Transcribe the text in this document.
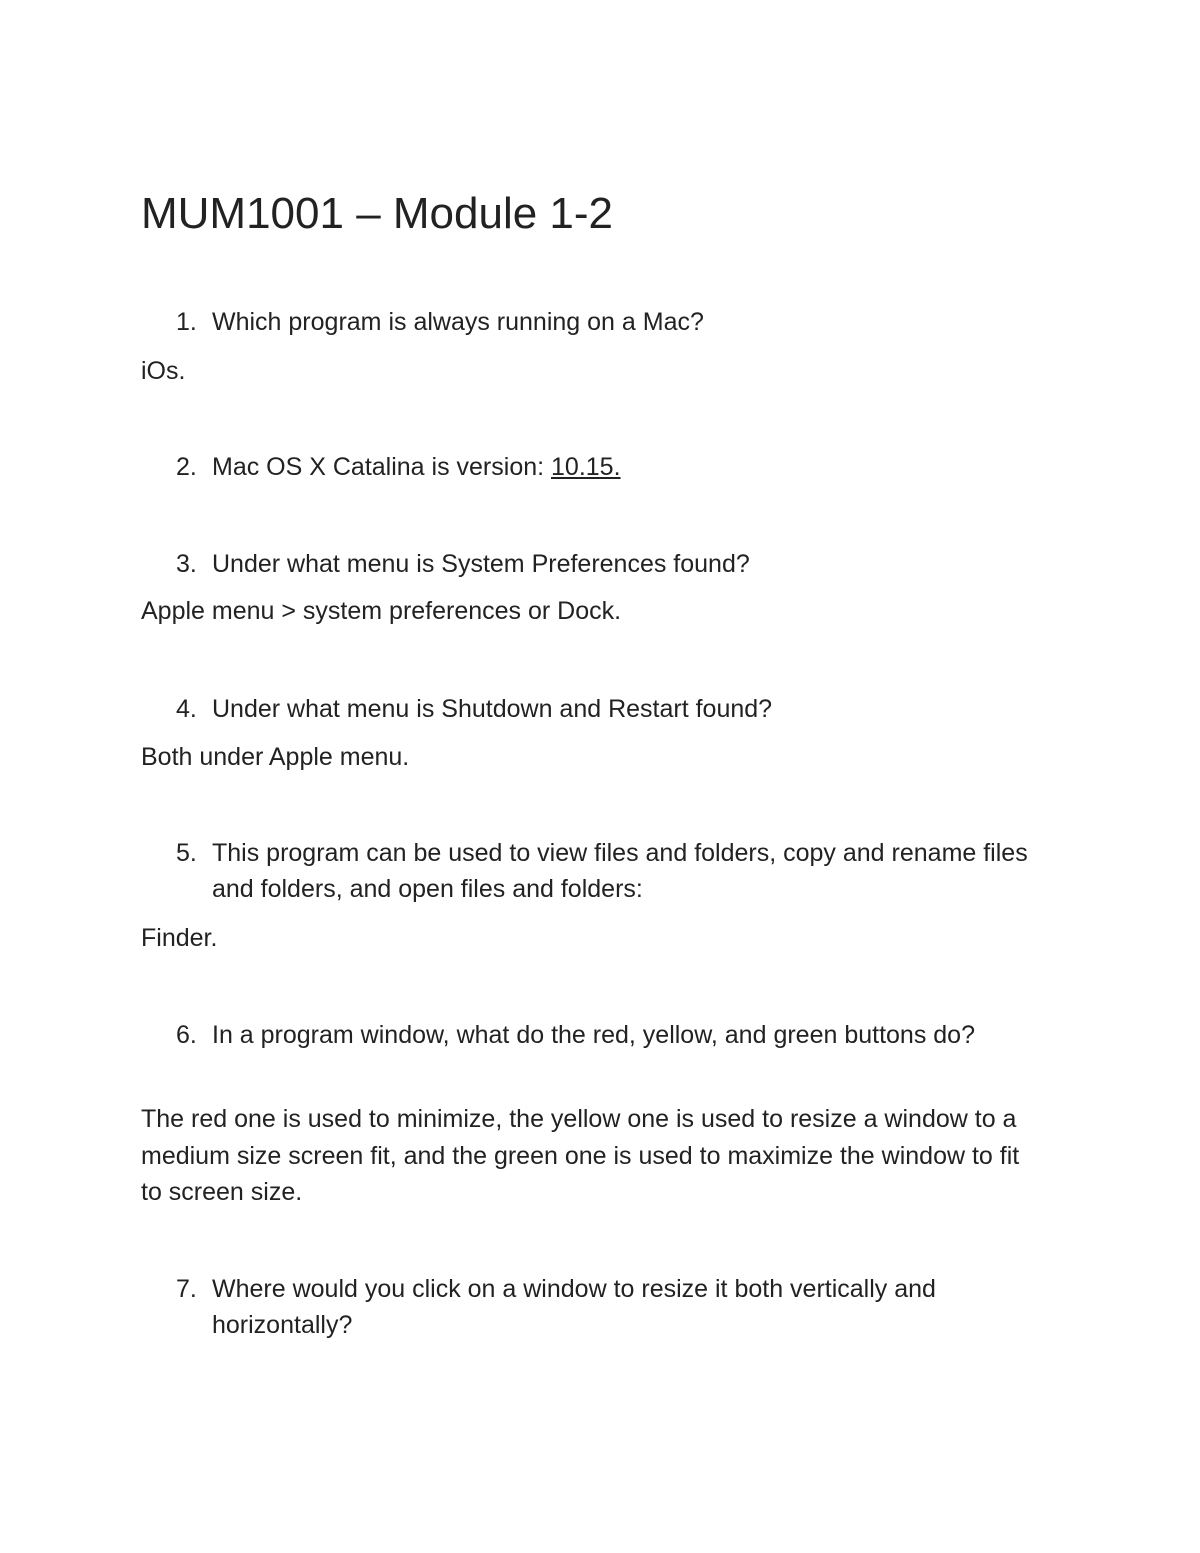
MUM1001 – Module 1-2
1. Which program is always running on a Mac?
iOs.
2. Mac OS X Catalina is version: 10.15.
3. Under what menu is System Preferences found?
Apple menu > system preferences or Dock.
4. Under what menu is Shutdown and Restart found?
Both under Apple menu.
5. This program can be used to view files and folders, copy and rename files and folders, and open files and folders:
Finder.
6. In a program window, what do the red, yellow, and green buttons do?
The red one is used to minimize, the yellow one is used to resize a window to a medium size screen fit, and the green one is used to maximize the window to fit to screen size.
7. Where would you click on a window to resize it both vertically and horizontally?
